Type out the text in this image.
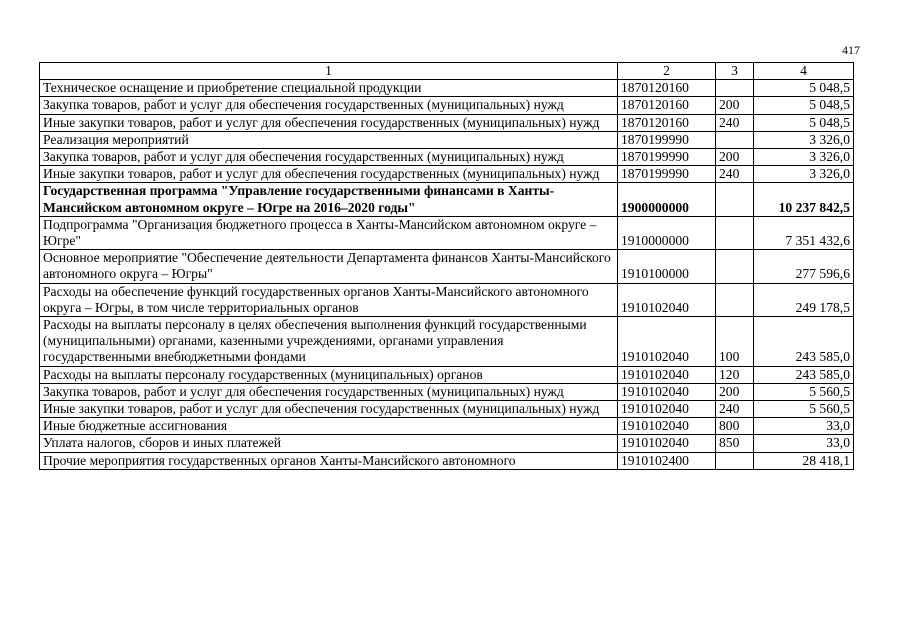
417
1	2	3	4
Техническое оснащение и приобретение специальной продукции	1870120160		5 048,5
Закупка товаров, работ и услуг для обеспечения государственных (муниципальных) нужд	1870120160	200	5 048,5
Иные закупки товаров, работ и услуг для обеспечения государственных (муниципальных) нужд	1870120160	240	5 048,5
Реализация мероприятий	1870199990		3 326,0
Закупка товаров, работ и услуг для обеспечения государственных (муниципальных) нужд	1870199990	200	3 326,0
Иные закупки товаров, работ и услуг для обеспечения государственных (муниципальных) нужд	1870199990	240	3 326,0
Государственная программа "Управление государственными финансами в Ханты-Мансийском автономном округе – Югре на 2016–2020 годы"	1900000000		10 237 842,5
Подпрограмма "Организация бюджетного процесса в Ханты-Мансийском автономном округе – Югре"	1910000000		7 351 432,6
Основное мероприятие "Обеспечение деятельности Департамента финансов Ханты-Мансийского автономного округа – Югры"	1910100000		277 596,6
Расходы на обеспечение функций государственных органов Ханты-Мансийского автономного округа – Югры, в том числе территориальных органов	1910102040		249 178,5
Расходы на выплаты персоналу в целях обеспечения выполнения функций государственными (муниципальными) органами, казенными учреждениями, органами управления государственными внебюджетными фондами	1910102040	100	243 585,0
Расходы на выплаты персоналу государственных (муниципальных) органов	1910102040	120	243 585,0
Закупка товаров, работ и услуг для обеспечения государственных (муниципальных) нужд	1910102040	200	5 560,5
Иные закупки товаров, работ и услуг для обеспечения государственных (муниципальных) нужд	1910102040	240	5 560,5
Иные бюджетные ассигнования	1910102040	800	33,0
Уплата налогов, сборов и иных платежей	1910102040	850	33,0
Прочие мероприятия государственных органов Ханты-Мансийского автономного	1910102400		28 418,1
